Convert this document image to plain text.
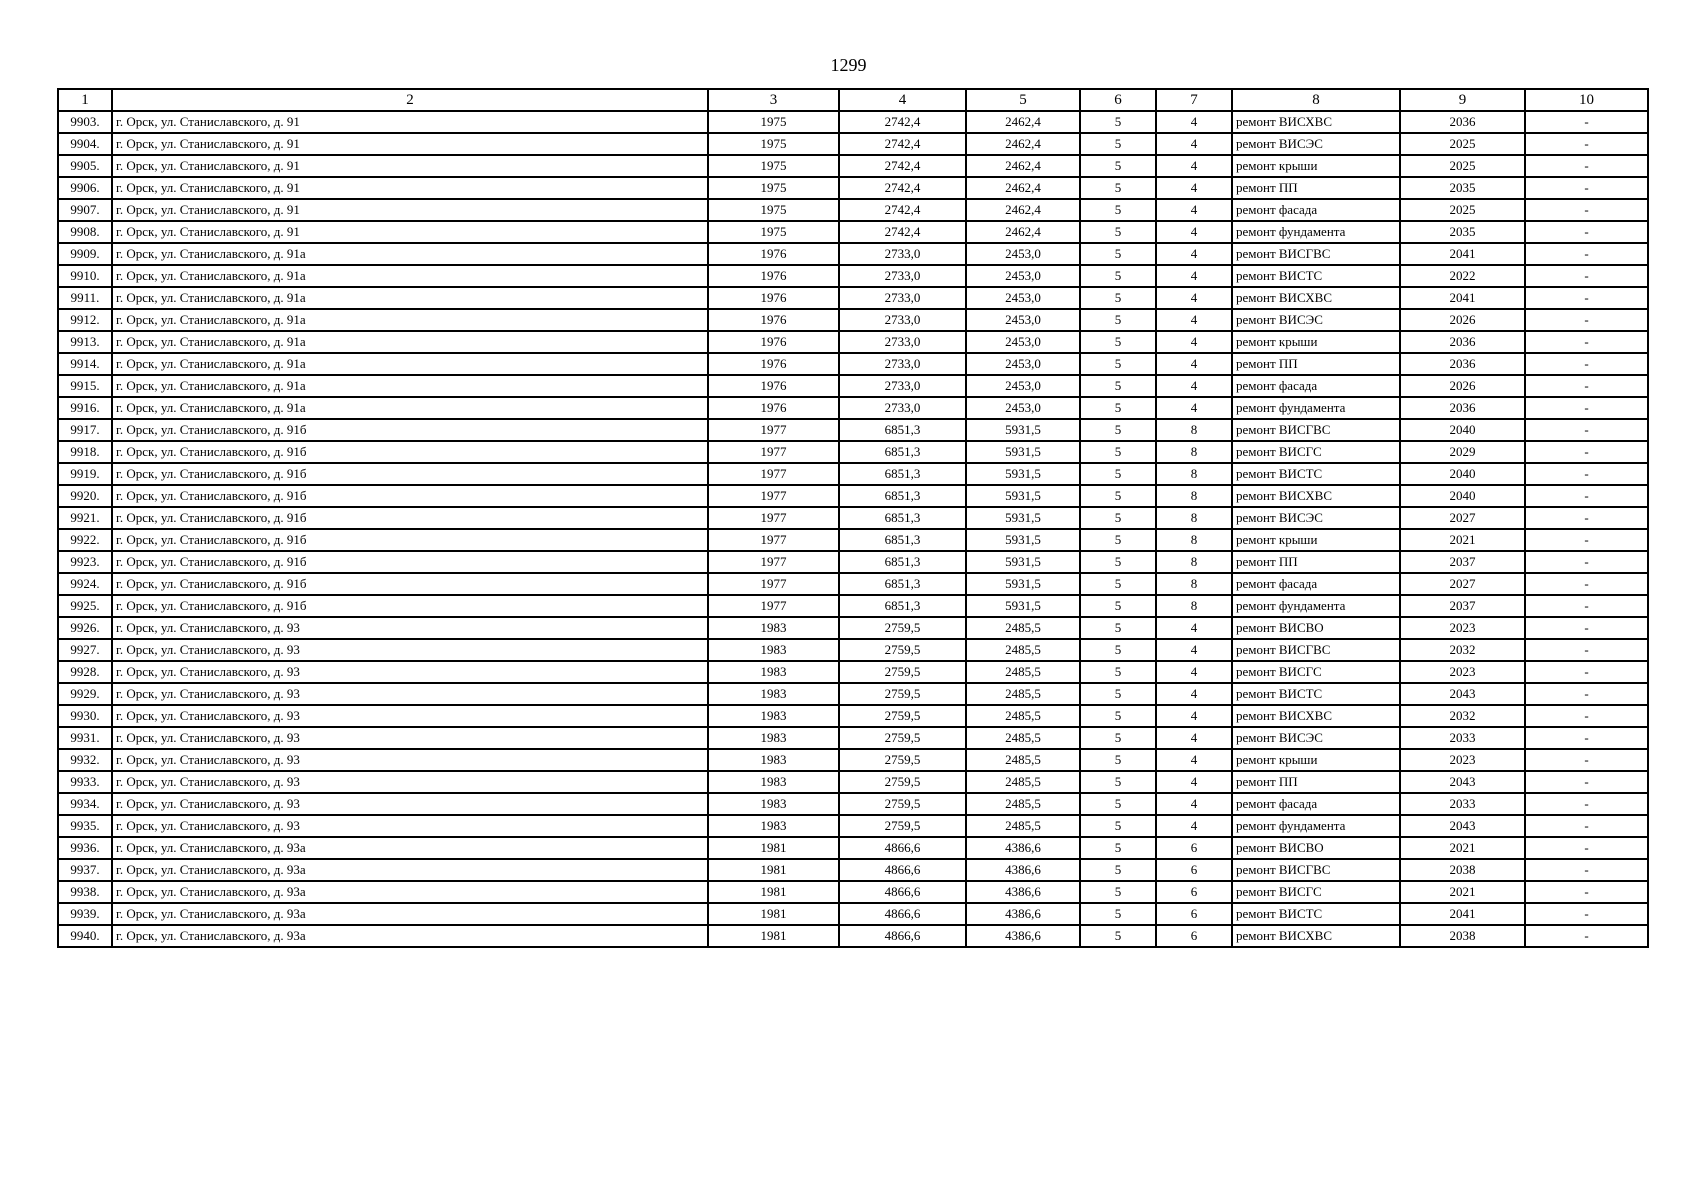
1299
1	2	3	4	5	6	7	8	9	10
9903.	г. Орск, ул. Станиславского, д. 91	1975	2742,4	2462,4	5	4	ремонт ВИСХВС	2036	-
9904.	г. Орск, ул. Станиславского, д. 91	1975	2742,4	2462,4	5	4	ремонт ВИСЭС	2025	-
9905.	г. Орск, ул. Станиславского, д. 91	1975	2742,4	2462,4	5	4	ремонт крыши	2025	-
9906.	г. Орск, ул. Станиславского, д. 91	1975	2742,4	2462,4	5	4	ремонт ПП	2035	-
9907.	г. Орск, ул. Станиславского, д. 91	1975	2742,4	2462,4	5	4	ремонт фасада	2025	-
9908.	г. Орск, ул. Станиславского, д. 91	1975	2742,4	2462,4	5	4	ремонт фундамента	2035	-
9909.	г. Орск, ул. Станиславского, д. 91а	1976	2733,0	2453,0	5	4	ремонт ВИСГВС	2041	-
9910.	г. Орск, ул. Станиславского, д. 91а	1976	2733,0	2453,0	5	4	ремонт ВИСТС	2022	-
9911.	г. Орск, ул. Станиславского, д. 91а	1976	2733,0	2453,0	5	4	ремонт ВИСХВС	2041	-
9912.	г. Орск, ул. Станиславского, д. 91а	1976	2733,0	2453,0	5	4	ремонт ВИСЭС	2026	-
9913.	г. Орск, ул. Станиславского, д. 91а	1976	2733,0	2453,0	5	4	ремонт крыши	2036	-
9914.	г. Орск, ул. Станиславского, д. 91а	1976	2733,0	2453,0	5	4	ремонт ПП	2036	-
9915.	г. Орск, ул. Станиславского, д. 91а	1976	2733,0	2453,0	5	4	ремонт фасада	2026	-
9916.	г. Орск, ул. Станиславского, д. 91а	1976	2733,0	2453,0	5	4	ремонт фундамента	2036	-
9917.	г. Орск, ул. Станиславского, д. 91б	1977	6851,3	5931,5	5	8	ремонт ВИСГВС	2040	-
9918.	г. Орск, ул. Станиславского, д. 91б	1977	6851,3	5931,5	5	8	ремонт ВИСГС	2029	-
9919.	г. Орск, ул. Станиславского, д. 91б	1977	6851,3	5931,5	5	8	ремонт ВИСТС	2040	-
9920.	г. Орск, ул. Станиславского, д. 91б	1977	6851,3	5931,5	5	8	ремонт ВИСХВС	2040	-
9921.	г. Орск, ул. Станиславского, д. 91б	1977	6851,3	5931,5	5	8	ремонт ВИСЭС	2027	-
9922.	г. Орск, ул. Станиславского, д. 91б	1977	6851,3	5931,5	5	8	ремонт крыши	2021	-
9923.	г. Орск, ул. Станиславского, д. 91б	1977	6851,3	5931,5	5	8	ремонт ПП	2037	-
9924.	г. Орск, ул. Станиславского, д. 91б	1977	6851,3	5931,5	5	8	ремонт фасада	2027	-
9925.	г. Орск, ул. Станиславского, д. 91б	1977	6851,3	5931,5	5	8	ремонт фундамента	2037	-
9926.	г. Орск, ул. Станиславского, д. 93	1983	2759,5	2485,5	5	4	ремонт ВИСВО	2023	-
9927.	г. Орск, ул. Станиславского, д. 93	1983	2759,5	2485,5	5	4	ремонт ВИСГВС	2032	-
9928.	г. Орск, ул. Станиславского, д. 93	1983	2759,5	2485,5	5	4	ремонт ВИСГС	2023	-
9929.	г. Орск, ул. Станиславского, д. 93	1983	2759,5	2485,5	5	4	ремонт ВИСТС	2043	-
9930.	г. Орск, ул. Станиславского, д. 93	1983	2759,5	2485,5	5	4	ремонт ВИСХВС	2032	-
9931.	г. Орск, ул. Станиславского, д. 93	1983	2759,5	2485,5	5	4	ремонт ВИСЭС	2033	-
9932.	г. Орск, ул. Станиславского, д. 93	1983	2759,5	2485,5	5	4	ремонт крыши	2023	-
9933.	г. Орск, ул. Станиславского, д. 93	1983	2759,5	2485,5	5	4	ремонт ПП	2043	-
9934.	г. Орск, ул. Станиславского, д. 93	1983	2759,5	2485,5	5	4	ремонт фасада	2033	-
9935.	г. Орск, ул. Станиславского, д. 93	1983	2759,5	2485,5	5	4	ремонт фундамента	2043	-
9936.	г. Орск, ул. Станиславского, д. 93а	1981	4866,6	4386,6	5	6	ремонт ВИСВО	2021	-
9937.	г. Орск, ул. Станиславского, д. 93а	1981	4866,6	4386,6	5	6	ремонт ВИСГВС	2038	-
9938.	г. Орск, ул. Станиславского, д. 93а	1981	4866,6	4386,6	5	6	ремонт ВИСГС	2021	-
9939.	г. Орск, ул. Станиславского, д. 93а	1981	4866,6	4386,6	5	6	ремонт ВИСТС	2041	-
9940.	г. Орск, ул. Станиславского, д. 93а	1981	4866,6	4386,6	5	6	ремонт ВИСХВС	2038	-
